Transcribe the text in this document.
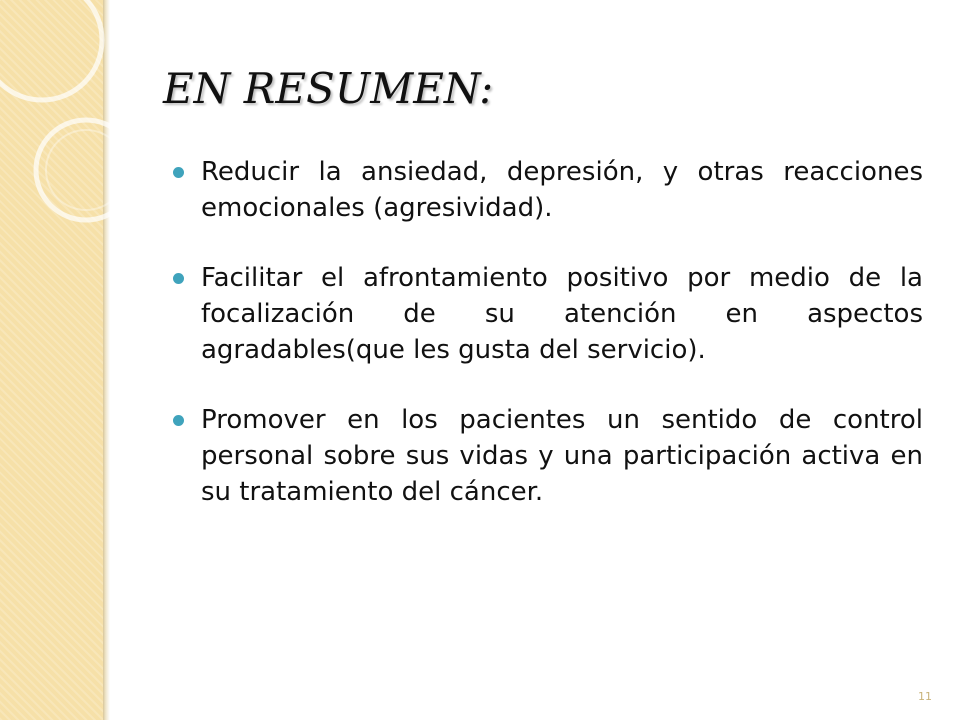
EN RESUMEN:
Reducir la ansiedad, depresión, y otras reacciones emocionales (agresividad).
Facilitar el afrontamiento positivo por medio de la focalización de su atención en aspectos agradables(que les gusta del servicio).
Promover en los pacientes un sentido de control personal sobre sus vidas y una participación activa en su tratamiento del cáncer.
11
